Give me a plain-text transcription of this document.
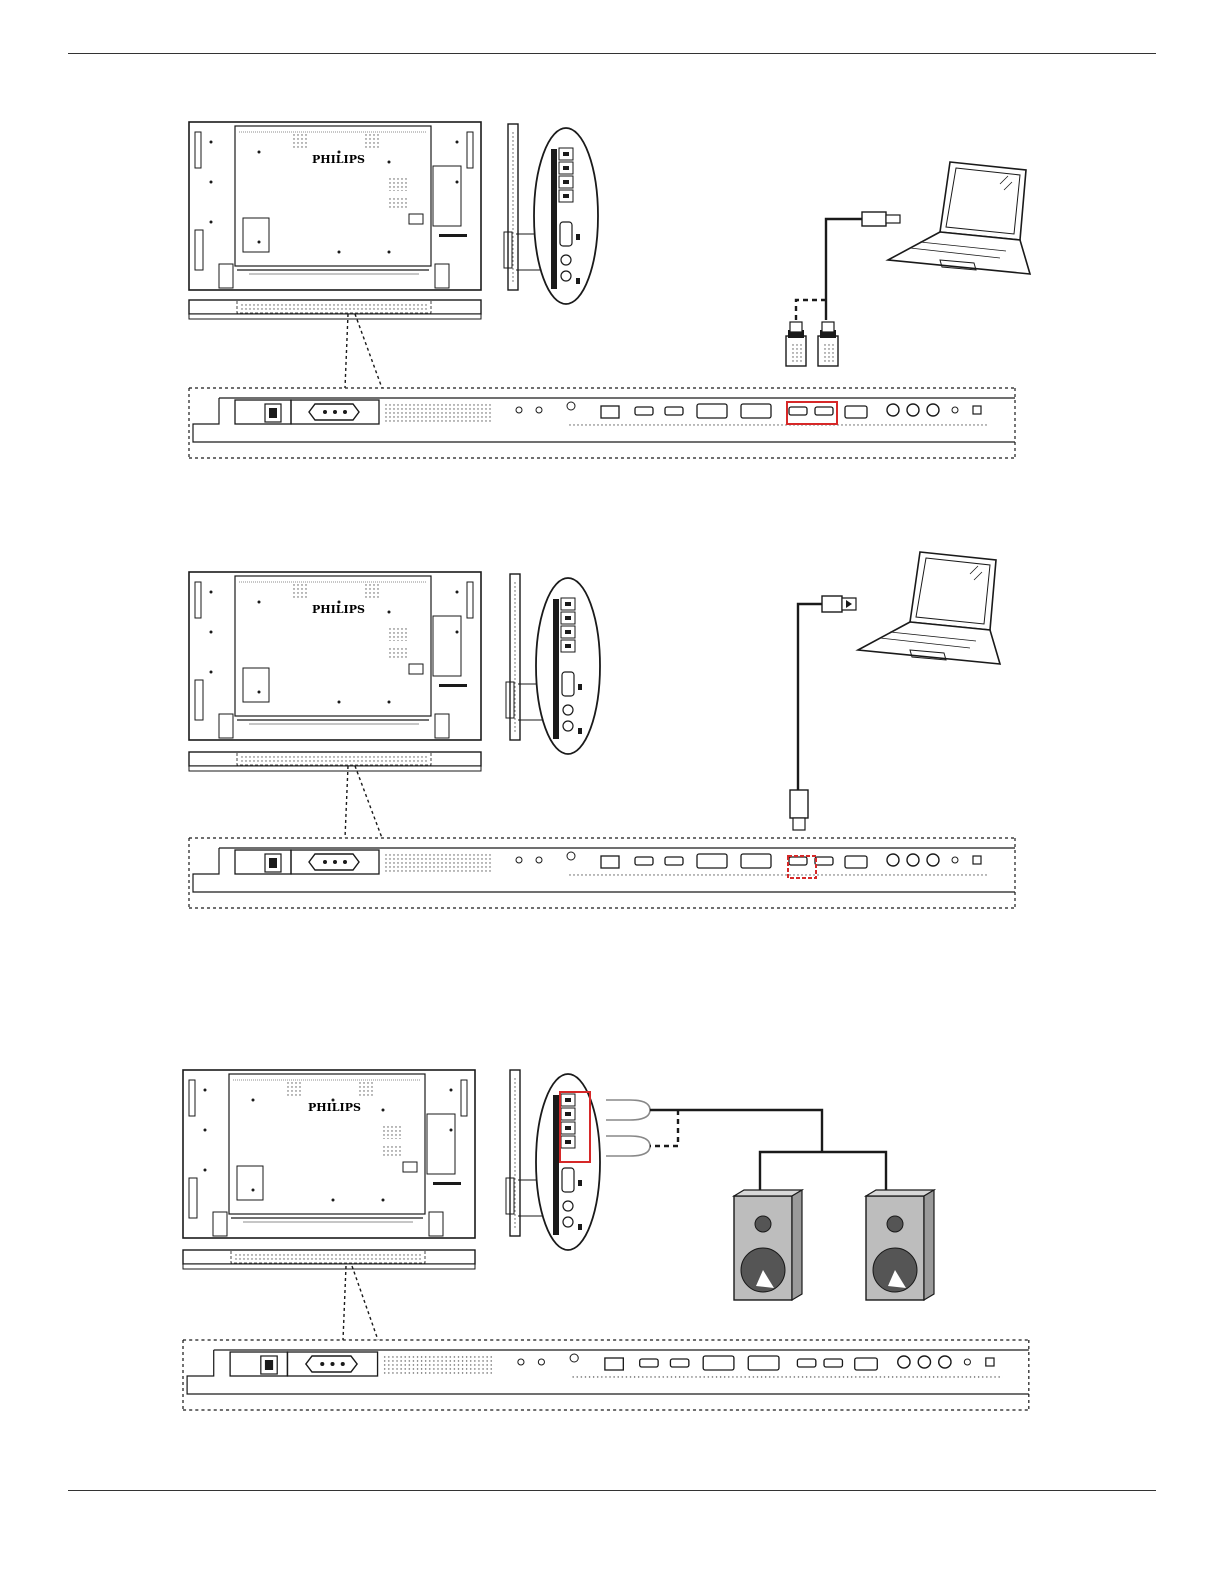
PHILIPS
PHILIPS
PHILIPS
